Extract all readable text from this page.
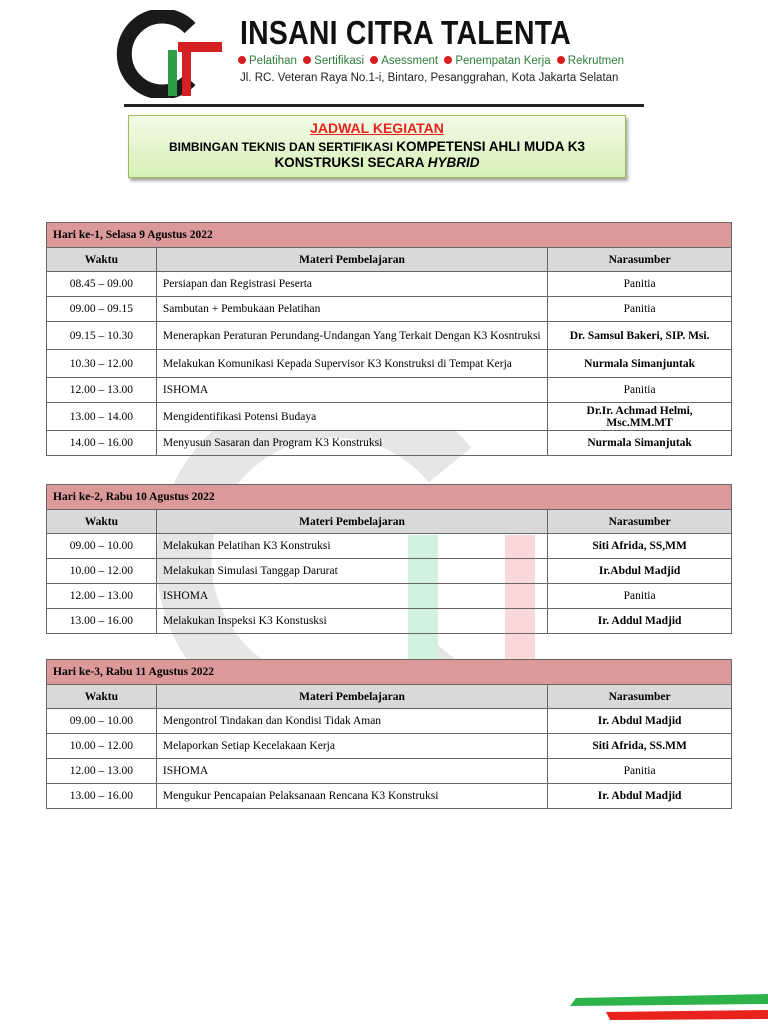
INSANI CITRA TALENTA
Pelatihan Sertifikasi Asessment Penempatan Kerja Rekrutmen
Jl. RC. Veteran Raya No.1-i, Bintaro, Pesanggrahan, Kota Jakarta Selatan
JADWAL KEGIATAN
BIMBINGAN TEKNIS DAN SERTIFIKASI KOMPETENSI AHLI MUDA K3
KONSTRUKSI SECARA HYBRID
Hari ke-1, Selasa 9 Agustus 2022		
Waktu	Materi Pembelajaran	Narasumber
08.45 – 09.00	Persiapan dan Registrasi Peserta	Panitia
09.00 – 09.15	Sambutan + Pembukaan Pelatihan	Panitia
09.15 – 10.30	Menerapkan Peraturan Perundang-Undangan Yang Terkait Dengan K3 Kosntruksi	Dr. Samsul Bakeri, SIP. Msi.
10.30 – 12.00	Melakukan Komunikasi Kepada Supervisor K3 Konstruksi di Tempat Kerja	Nurmala Simanjuntak
12.00 – 13.00	ISHOMA	Panitia
13.00 – 14.00	Mengidentifikasi Potensi Budaya	Dr.Ir. Achmad Helmi, Msc.MM.MT
14.00 – 16.00	Menyusun Sasaran dan Program K3 Konstruksi	Nurmala Simanjutak
Hari ke-2, Rabu 10 Agustus 2022		
Waktu	Materi Pembelajaran	Narasumber
09.00 – 10.00	Melakukan Pelatihan K3 Konstruksi	Siti Afrida, SS,MM
10.00 – 12.00	Melakukan Simulasi Tanggap Darurat	Ir.Abdul Madjid
12.00 – 13.00	ISHOMA	Panitia
13.00 – 16.00	Melakukan Inspeksi K3 Konstusksi	Ir. Addul Madjid
Hari ke-3, Rabu 11 Agustus 2022		
Waktu	Materi Pembelajaran	Narasumber
09.00 – 10.00	Mengontrol Tindakan dan Kondisi Tidak Aman	Ir. Abdul Madjid
10.00 – 12.00	Melaporkan Setiap Kecelakaan Kerja	Siti Afrida, SS.MM
12.00 – 13.00	ISHOMA	Panitia
13.00 – 16.00	Mengukur Pencapaian Pelaksanaan Rencana K3 Konstruksi	Ir. Abdul Madjid
